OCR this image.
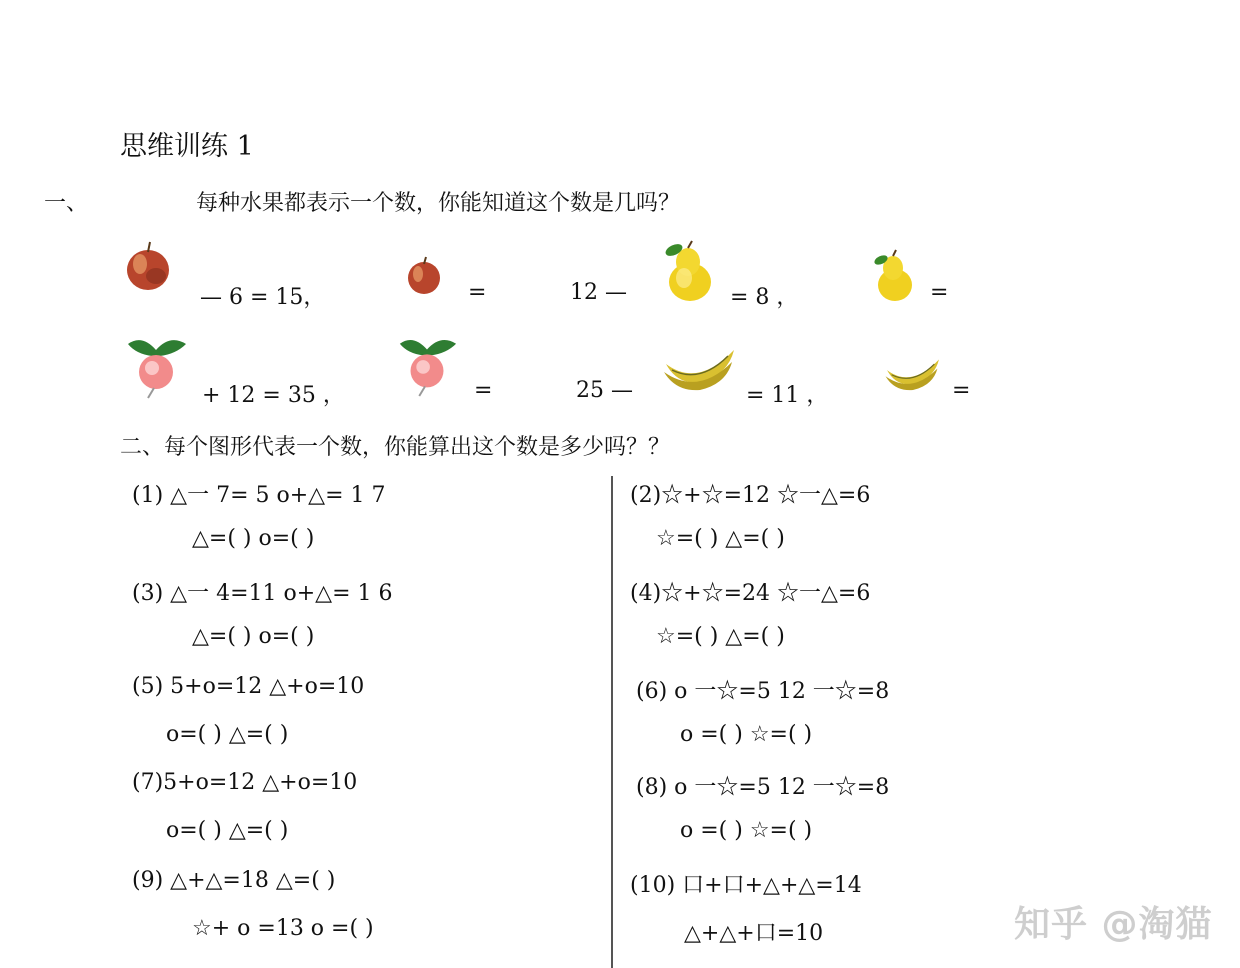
思维训练 1
一、	每种水果都表示一个数，你能知道这个数是几吗？
— 6 = 15，	=	12 —	= 8 ，	=
+ 12 = 35 ，	=	25 —	= 11 ，	=
二、每个图形代表一个数，你能算出这个数是多少吗？？
(1) △一 7= 5 o+△= 1 7
△=( ) o=( )
(3) △一 4=11 o+△= 1 6
△=( ) o=( )
(5) 5+o=12 △+o=10
o=( ) △=( )
(7)5+o=12 △+o=10
o=( ) △=( )
(9) △+△=18 △=( )
☆+ o =13 o =( )
(2)☆+☆=12 ☆一△=6
☆=( ) △=( )
(4)☆+☆=24 ☆一△=6
☆=( ) △=( )
(6) o 一☆=5 12 一☆=8
o =( ) ☆=( )
(8) o 一☆=5 12 一☆=8
o =( ) ☆=( )
(10) 口+口+△+△=14
△+△+口=10	知乎 @淘猫
